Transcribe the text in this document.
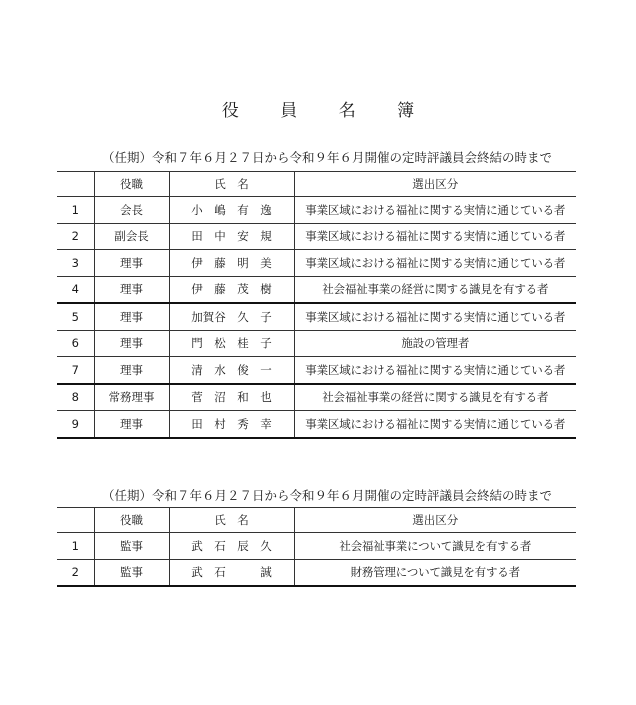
役 員 名 簿
（任期）令和７年６月２７日から令和９年６月開催の定時評議員会終結の時まで
	役職	氏　名	選出区分
1	会長	小　嶋　有　逸	事業区域における福祉に関する実情に通じている者
2	副会長	田　中　安　規	事業区域における福祉に関する実情に通じている者
3	理事	伊　藤　明　美	事業区域における福祉に関する実情に通じている者
4	理事	伊　藤　茂　樹	社会福祉事業の経営に関する識見を有する者
5	理事	加賀谷　久　子	事業区域における福祉に関する実情に通じている者
6	理事	門　松　桂　子	施設の管理者
7	理事	清　水　俊　一	事業区域における福祉に関する実情に通じている者
8	常務理事	菅　沼　和　也	社会福祉事業の経営に関する識見を有する者
9	理事	田　村　秀　幸	事業区域における福祉に関する実情に通じている者
（任期）令和７年６月２７日から令和９年６月開催の定時評議員会終結の時まで
	役職	氏　名	選出区分
1	監事	武　石　辰　久	社会福祉事業について識見を有する者
2	監事	武　石　　　誠	財務管理について識見を有する者
